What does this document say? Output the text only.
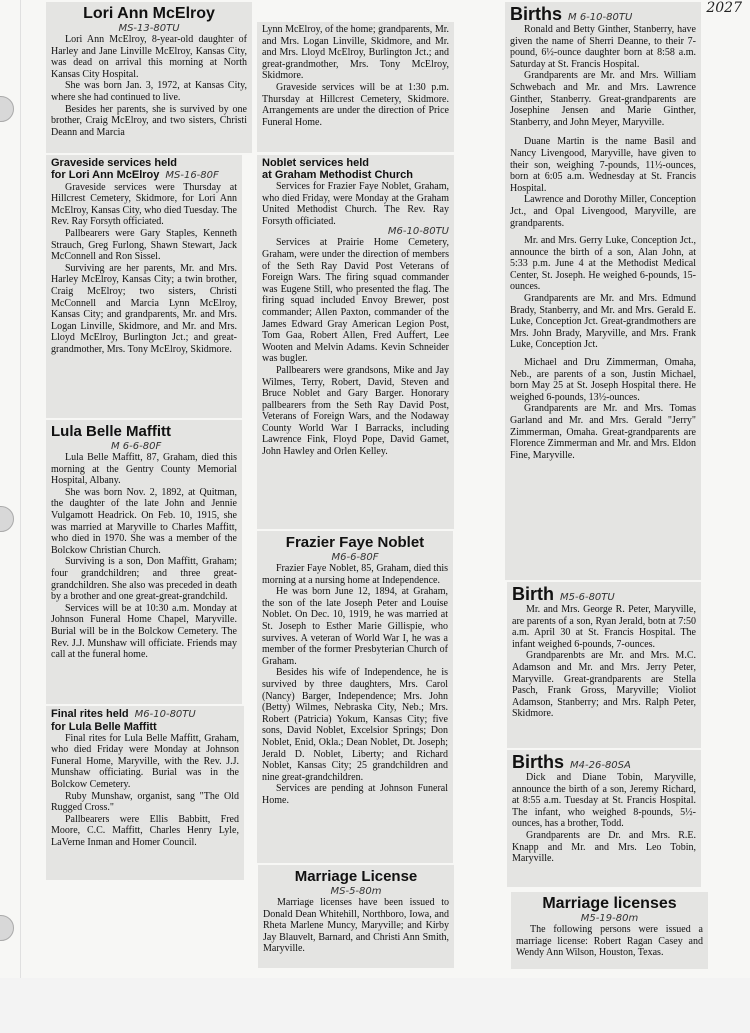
2027
Lori Ann McElroy
MS-13-80TU

Lori Ann McElroy, 8-year-old daughter of Harley and Jane Linville McElroy, Kansas City, was dead on arrival this morning at North Kansas City Hospital.

She was born Jan. 3, 1972, at Kansas City, where she had continued to live.

Besides her parents, she is survived by one brother, Craig McElroy, and two sisters, Christi Deann and Marcia

Graveside services held
for Lori Ann McElroy MS-16-80F

Graveside services were Thursday at Hillcrest Cemetery, Skidmore, for Lori Ann McElroy, Kansas City, who died Tuesday. The Rev. Ray Forsyth officiated.

Pallbearers were Gary Staples, Kenneth Strauch, Greg Furlong, Shawn Stewart, Jack McConnell and Ron Sissel.

Surviving are her parents, Mr. and Mrs. Harley McElroy, Kansas City; a twin brother, Craig McElroy; two sisters, Christi McConnell and Marcia Lynn McElroy, Kansas City; and grandparents, Mr. and Mrs. Logan Linville, Skidmore, and Mr. and Mrs. Lloyd McElroy, Burlington Jct.; and great-grandmother, Mrs. Tony McElroy, Skidmore.

Lula Belle Maffitt
M 6-6-80F

Lula Belle Maffitt, 87, Graham, died this morning at the Gentry County Memorial Hospital, Albany.

She was born Nov. 2, 1892, at Quitman, the daughter of the late John and Jennie Vulgamott Headrick. On Feb. 10, 1915, she was married at Maryville to Charles Maffitt, who died in 1970. She was a member of the Bolckow Christian Church.

Surviving is a son, Don Maffitt, Graham; four grandchildren; and three great-grandchildren. She also was preceded in death by a brother and one great-great-grandchild.

Services will be at 10:30 a.m. Monday at Johnson Funeral Home Chapel, Maryville. Burial will be in the Bolckow Cemetery. The Rev. J.J. Munshaw will officiate. Friends may call at the funeral home.

Final rites held M6-10-80TU
for Lula Belle Maffitt

Final rites for Lula Belle Maffitt, Graham, who died Friday were Monday at Johnson Funeral Home, Maryville, with the Rev. J.J. Munshaw officiating. Burial was in the Bolckow Cemetery.

Ruby Munshaw, organist, sang "The Old Rugged Cross."

Pallbearers were Ellis Babbitt, Fred Moore, C.C. Maffitt, Charles Henry Lyle, LaVerne Inman and Homer Council.

Lynn McElroy, of the home; grandparents, Mr. and Mrs. Logan Linville, Skidmore, and Mr. and Mrs. Lloyd McElroy, Burlington Jct.; and great-grandmother, Mrs. Tony McElroy, Skidmore.

Graveside services will be at 1:30 p.m. Thursday at Hillcrest Cemetery, Skidmore. Arrangements are under the direction of Price Funeral Home.

Noblet services held
at Graham Methodist Church

Services for Frazier Faye Noblet, Graham, who died Friday, were Monday at the Graham United Methodist Church. The Rev. Ray Forsyth officiated.

M6-10-80TU

Services at Prairie Home Cemetery, Graham, were under the direction of members of the Seth Ray David Post Veterans of Foreign Wars. The firing squad commander was Eugene Still, who presented the flag. The firing squad included Envoy Brewer, post commander; Allen Paxton, commander of the James Edward Gray American Legion Post, Tom Gaa, Robert Allen, Fred Auffert, Lee Wooten and Melvin Adams. Kevin Schneider was bugler.

Pallbearers were grandsons, Mike and Jay Wilmes, Terry, Robert, David, Steven and Bruce Noblet and Gary Barger. Honorary pallbearers from the Seth Ray David Post, Veterans of Foreign Wars, and the Nodaway County World War I Barracks, including Lawrence Fink, Floyd Pope, David Gamet, John Hawley and Orlen Kelley.

Frazier Faye Noblet
M6-6-80F

Frazier Faye Noblet, 85, Graham, died this morning at a nursing home at Independence.

He was born June 12, 1894, at Graham, the son of the late Joseph Peter and Louise Noblet. On Dec. 10, 1919, he was married at St. Joseph to Esther Marie Gillispie, who survives. A veteran of World War I, he was a member of the former Presbyterian Church of Graham.

Besides his wife of Independence, he is survived by three daughters, Mrs. Carol (Nancy) Barger, Independence; Mrs. John (Betty) Wilmes, Nebraska City, Neb.; Mrs. Robert (Patricia) Yokum, Kansas City; five sons, David Noblet, Excelsior Springs; Don Noblet, Enid, Okla.; Dean Noblet, Dt. Joseph; Jerald D. Noblet, Liberty; and Richard Noblet, Kansas City; 25 grandchildren and nine great-grandchildren.

Services are pending at Johnson Funeral Home.

Marriage License
MS-5-80m

Marriage licenses have been issued to Donald Dean Whitehill, Northboro, Iowa, and Rheta Marlene Muncy, Maryville; and Kirby Jay Blauvelt, Barnard, and Christi Ann Smith, Maryville.

Births M 6-10-80TU

Ronald and Betty Ginther, Stanberry, have given the name of Sherri Deanne, to their 7-pound, 6½-ounce daughter born at 8:58 a.m. Saturday at St. Francis Hospital.

Grandparents are Mr. and Mrs. William Schwebach and Mr. and Mrs. Lawrence Ginther, Stanberry. Great-grandparents are Josephine Jensen and Marie Ginther, Stanberry, and John Meyer, Maryville.

Duane Martin is the name Basil and Nancy Livengood, Maryville, have given to their son, weighing 7-pounds, 11½-ounces, born at 6:05 a.m. Wednesday at St. Francis Hospital.

Lawrence and Dorothy Miller, Conception Jct., and Opal Livengood, Maryville, are grandparents.

Mr. and Mrs. Gerry Luke, Conception Jct., announce the birth of a son, Alan John, at 5:33 p.m. June 4 at the Methodist Medical Center, St. Joseph. He weighed 6-pounds, 15-ounces.

Grandparents are Mr. and Mrs. Edmund Brady, Stanberry, and Mr. and Mrs. Gerald E. Luke, Conception Jct. Great-grandmothers are Mrs. John Brady, Maryville, and Mrs. Frank Luke, Conception Jct.

Michael and Dru Zimmerman, Omaha, Neb., are parents of a son, Justin Michael, born May 25 at St. Joseph Hospital there. He weighed 6-pounds, 13½-ounces.

Grandparents are Mr. and Mrs. Tomas Garland and Mr. and Mrs. Gerald "Jerry" Zimmerman, Omaha. Great-grandparents are Florence Zimmerman and Mr. and Mrs. Eldon Fine, Maryville.

Birth M5-6-80TU

Mr. and Mrs. George R. Peter, Maryville, are parents of a son, Ryan Jerald, botn at 7:50 a.m. April 30 at St. Francis Hospital. The infant weighed 6-pounds, 7-ounces.

Grandparenbts are Mr. and Mrs. M.C. Adamson and Mr. and Mrs. Jerry Peter, Maryville. Great-grandparents are Stella Pasch, Frank Gross, Maryville; Violiot Adamson, Stanberry; and Mrs. Ralph Peter, Skidmore.

Births M4-26-80SA

Dick and Diane Tobin, Maryville, announce the birth of a son, Jeremy Richard, at 8:55 a.m. Tuesday at St. Francis Hospital. The infant, who weighed 8-pounds, 5½-ounces, has a brother, Todd.

Grandparents are Dr. and Mrs. R.E. Knapp and Mr. and Mrs. Leo Tobin, Maryville.

Marriage licenses
M5-19-80m

The following persons were issued a marriage license: Robert Ragan Casey and Wendy Ann Wilson, Houston, Texas.
